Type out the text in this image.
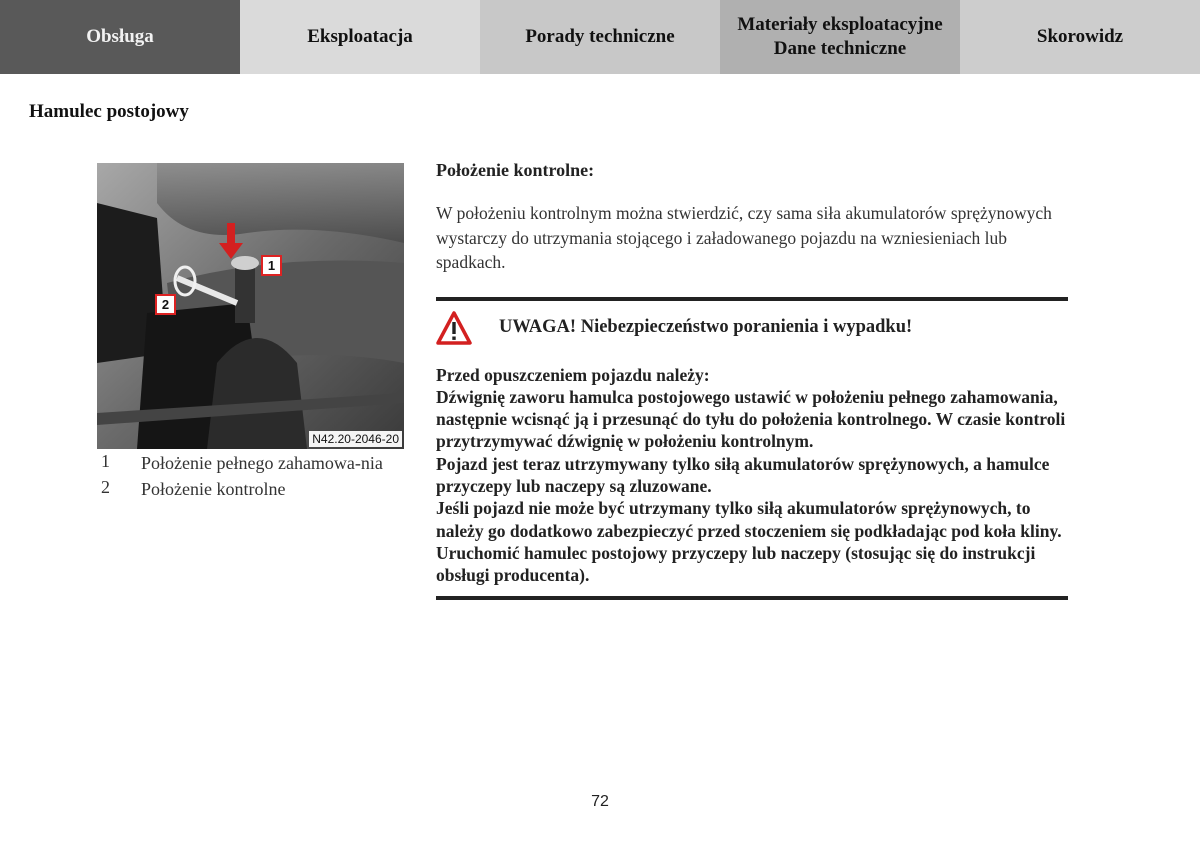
Obsługa	Eksploatacja	Porady techniczne
Materiały eksploatacyjne
Dane techniczne
Skorowidz
Hamulec postojowy
1
2
N42.20-2046-20
1	Położenie pełnego zahamowa-nia
2	Położenie kontrolne
Położenie kontrolne:
W położeniu kontrolnym można stwierdzić, czy sama siła akumulatorów sprężynowych wystarczy do utrzymania stojącego i załadowanego pojazdu na wzniesieniach lub spadkach.
UWAGA! Niebezpieczeństwo poranienia i wypadku!
Przed opuszczeniem pojazdu należy:
Dźwignię zaworu hamulca postojowego ustawić w położeniu pełnego zahamowania, następnie wcisnąć ją i przesunąć do tyłu do położenia kontrolnego. W czasie kontroli przytrzymywać dźwignię w położeniu kontrolnym.
Pojazd jest teraz utrzymywany tylko siłą akumulatorów sprężynowych, a hamulce przyczepy lub naczepy są zluzowane.
Jeśli pojazd nie może być utrzymany tylko siłą akumulatorów sprężynowych, to należy go dodatkowo zabezpieczyć przed stoczeniem się podkładając pod koła kliny.
Uruchomić hamulec postojowy przyczepy lub naczepy (stosując się do instrukcji obsługi producenta).
72
